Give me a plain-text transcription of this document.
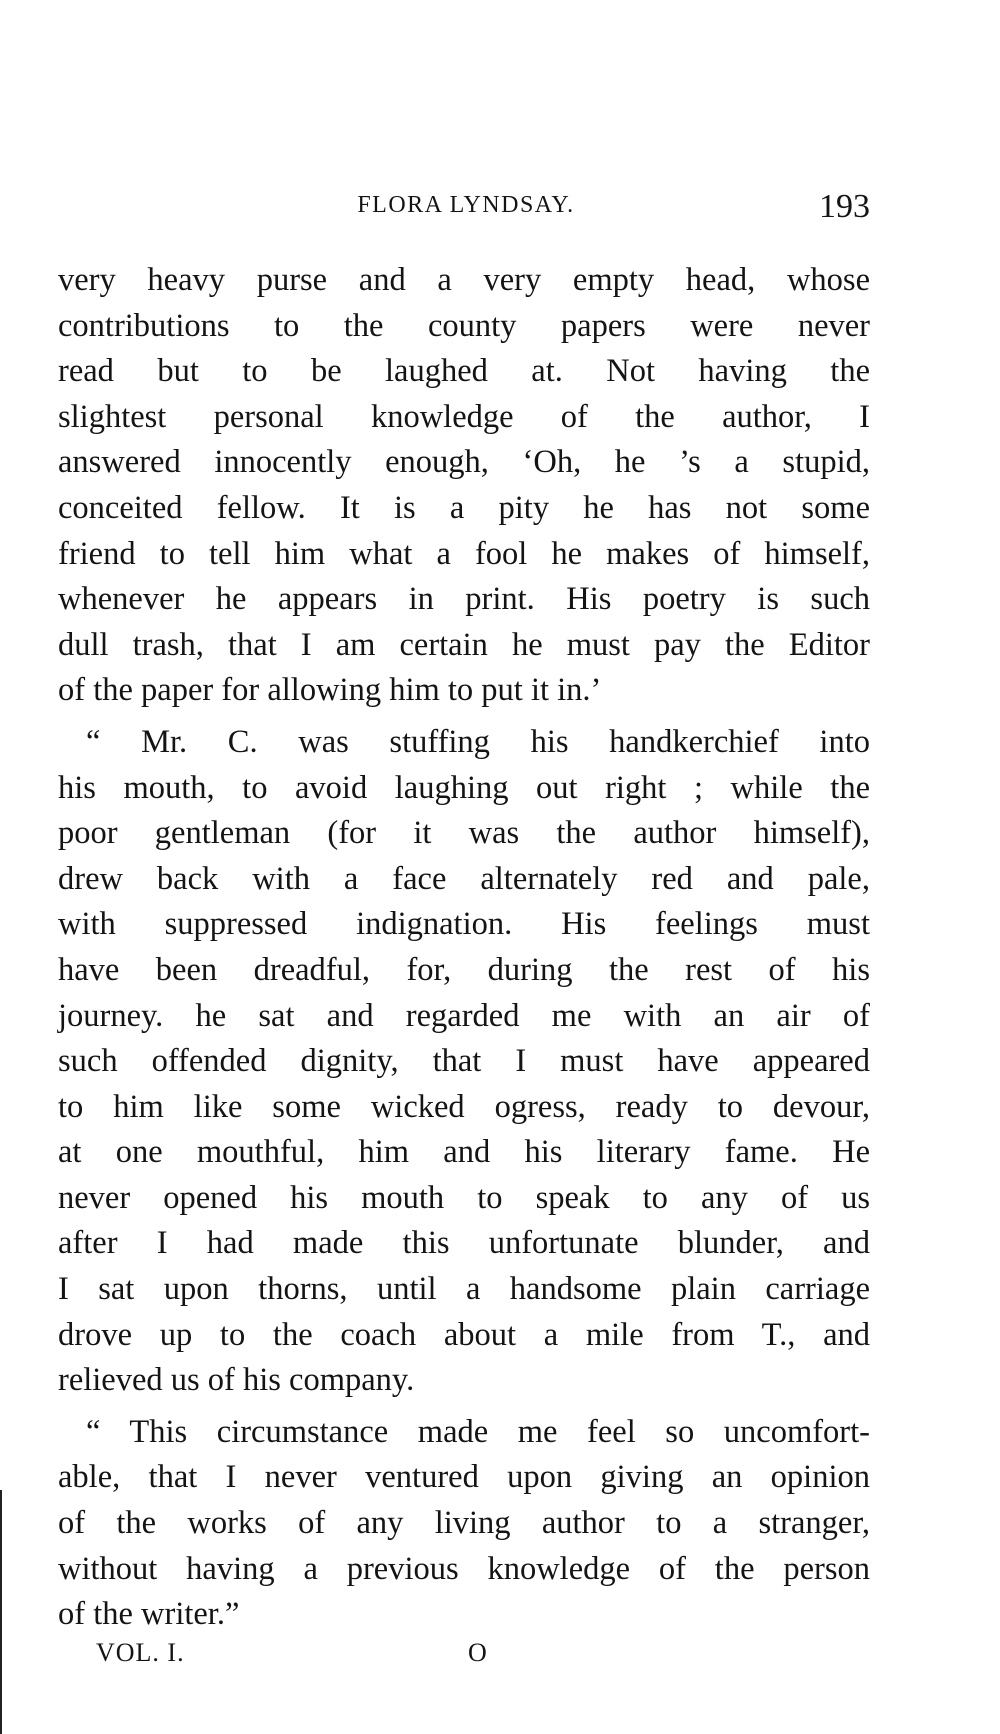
FLORA LYNDSAY.	193

very heavy purse and a very empty head, whose
contributions to the county papers were never
read but to be laughed at. Not having the
slightest personal knowledge of the author, I
answered innocently enough, ‘Oh, he ’s a stupid,
conceited fellow. It is a pity he has not some
friend to tell him what a fool he makes of himself,
whenever he appears in print. His poetry is such
dull trash, that I am certain he must pay the Editor
of the paper for allowing him to put it in.’

“ Mr. C. was stuffing his handkerchief into
his mouth, to avoid laughing out right ; while the
poor gentleman (for it was the author himself),
drew back with a face alternately red and pale,
with suppressed indignation. His feelings must
have been dreadful, for, during the rest of his
journey. he sat and regarded me with an air of
such offended dignity, that I must have appeared
to him like some wicked ogress, ready to devour,
at one mouthful, him and his literary fame. He
never opened his mouth to speak to any of us
after I had made this unfortunate blunder, and
I sat upon thorns, until a handsome plain carriage
drove up to the coach about a mile from T., and
relieved us of his company.

“ This circumstance made me feel so uncomfort-
able, that I never ventured upon giving an opinion
of the works of any living author to a stranger,
without having a previous knowledge of the person
of the writer.”

VOL. I.	O
